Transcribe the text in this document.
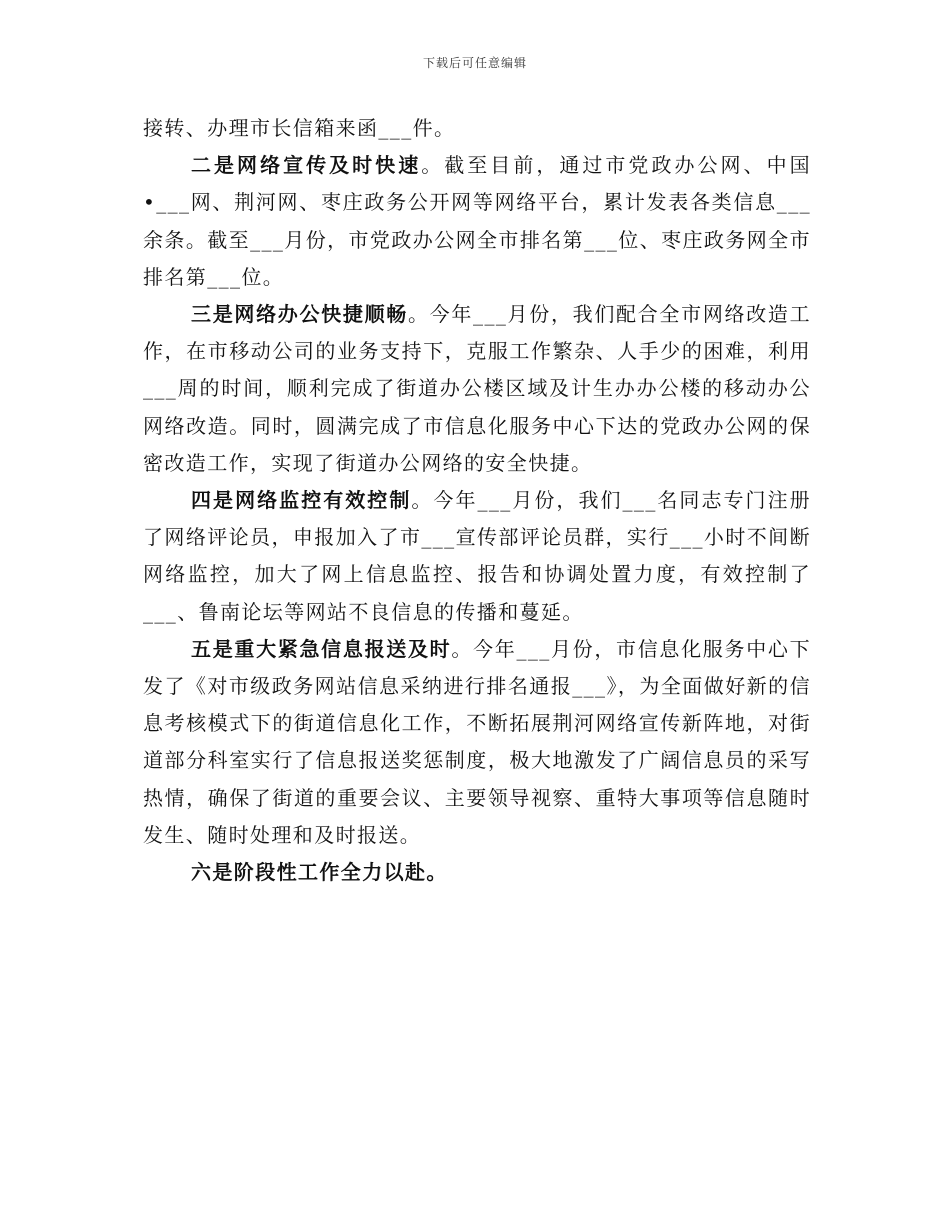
下载后可任意编辑

接转、办理市长信箱来函___件。

二是网络宣传及时快速。截至目前，通过市党政办公网、中国•___网、荆河网、枣庄政务公开网等网络平台，累计发表各类信息___余条。截至___月份，市党政办公网全市排名第___位、枣庄政务网全市排名第___位。

三是网络办公快捷顺畅。今年___月份，我们配合全市网络改造工作，在市移动公司的业务支持下，克服工作繁杂、人手少的困难，利用___周的时间，顺利完成了街道办公楼区域及计生办办公楼的移动办公网络改造。同时，圆满完成了市信息化服务中心下达的党政办公网的保密改造工作，实现了街道办公网络的安全快捷。

四是网络监控有效控制。今年___月份，我们___名同志专门注册了网络评论员，申报加入了市___宣传部评论员群，实行___小时不间断网络监控，加大了网上信息监控、报告和协调处置力度，有效控制了___、鲁南论坛等网站不良信息的传播和蔓延。

五是重大紧急信息报送及时。今年___月份，市信息化服务中心下发了《对市级政务网站信息采纳进行排名通报___》，为全面做好新的信息考核模式下的街道信息化工作，不断拓展荆河网络宣传新阵地，对街道部分科室实行了信息报送奖惩制度，极大地激发了广阔信息员的采写热情，确保了街道的重要会议、主要领导视察、重特大事项等信息随时发生、随时处理和及时报送。

六是阶段性工作全力以赴。
